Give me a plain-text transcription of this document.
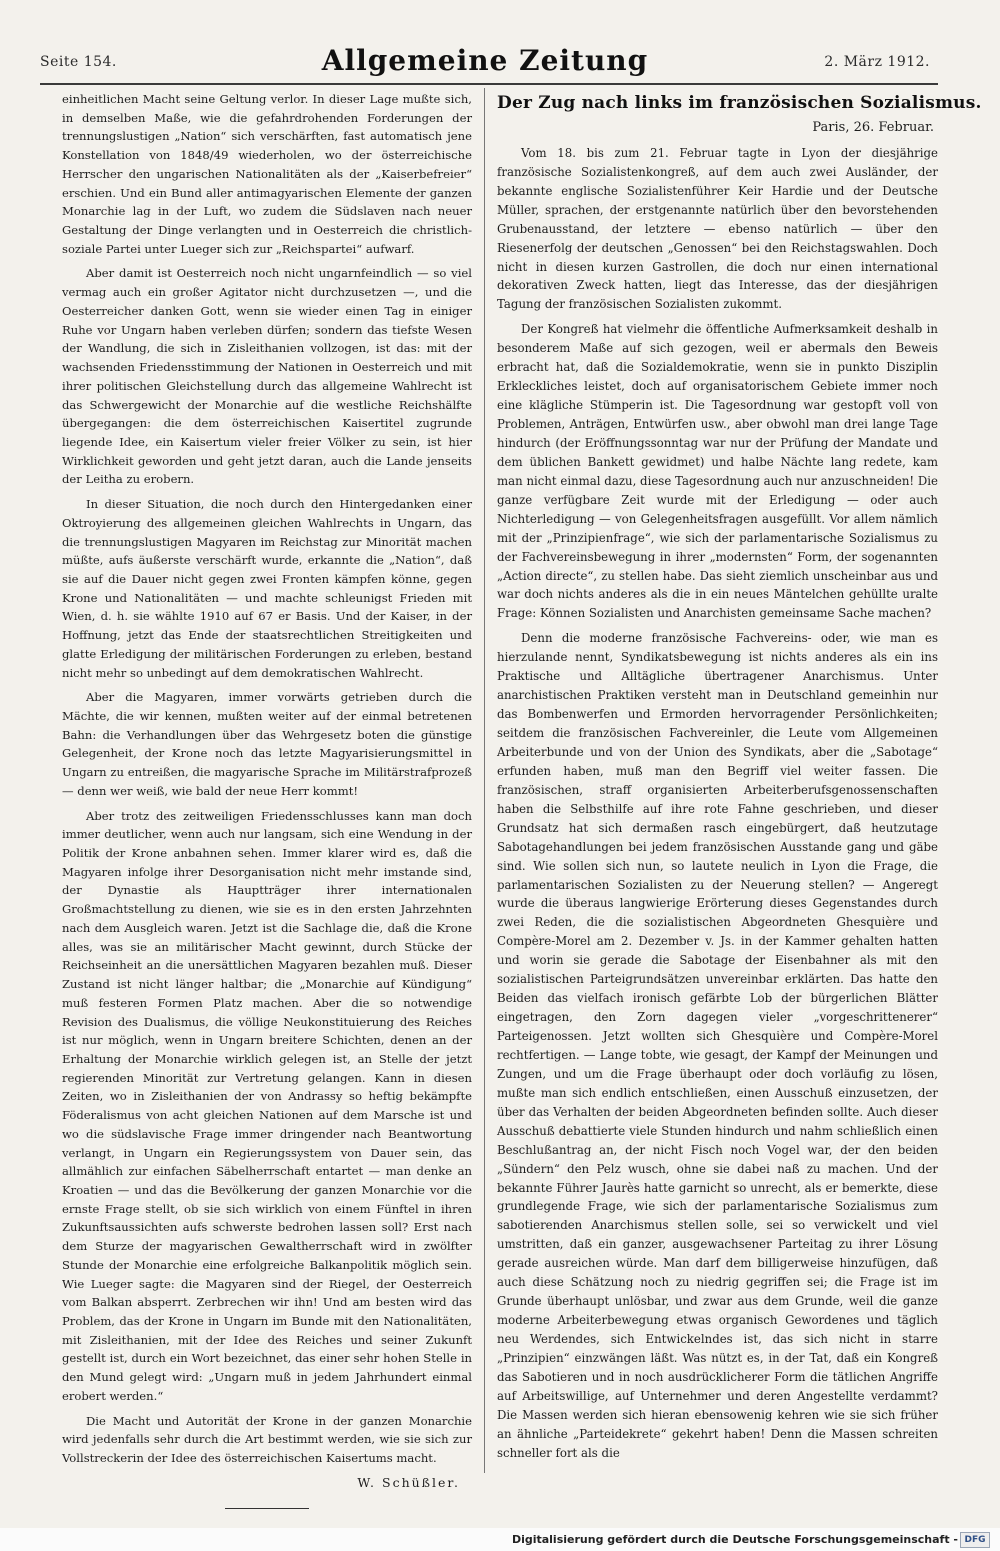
Seite 154.	Allgemeine Zeitung	2. März 1912.

einheitlichen Macht seine Geltung verlor. In dieser Lage mußte sich, in demselben Maße, wie die gefahrdrohenden Forderungen der trennungslustigen „Nation“ sich verschärften, fast automatisch jene Konstellation von 1848/49 wiederholen, wo der österreichische Herrscher den ungarischen Nationalitäten als der „Kaiserbefreier“ erschien. Und ein Bund aller antimagyarischen Elemente der ganzen Monarchie lag in der Luft, wo zudem die Südslaven nach neuer Gestaltung der Dinge verlangten und in Oesterreich die christlich-soziale Partei unter Lueger sich zur „Reichspartei“ aufwarf.

Aber damit ist Oesterreich noch nicht ungarnfeindlich — so viel vermag auch ein großer Agitator nicht durchzusetzen —, und die Oesterreicher danken Gott, wenn sie wieder einen Tag in einiger Ruhe vor Ungarn haben verleben dürfen; sondern das tiefste Wesen der Wandlung, die sich in Zisleithanien vollzogen, ist das: mit der wachsenden Friedensstimmung der Nationen in Oesterreich und mit ihrer politischen Gleichstellung durch das allgemeine Wahlrecht ist das Schwergewicht der Monarchie auf die westliche Reichshälfte übergegangen: die dem österreichischen Kaisertitel zugrunde liegende Idee, ein Kaisertum vieler freier Völker zu sein, ist hier Wirklichkeit geworden und geht jetzt daran, auch die Lande jenseits der Leitha zu erobern.

In dieser Situation, die noch durch den Hintergedanken einer Oktroyierung des allgemeinen gleichen Wahlrechts in Ungarn, das die trennungslustigen Magyaren im Reichstag zur Minorität machen müßte, aufs äußerste verschärft wurde, erkannte die „Nation“, daß sie auf die Dauer nicht gegen zwei Fronten kämpfen könne, gegen Krone und Nationalitäten — und machte schleunigst Frieden mit Wien, d. h. sie wählte 1910 auf 67 er Basis. Und der Kaiser, in der Hoffnung, jetzt das Ende der staatsrechtlichen Streitigkeiten und glatte Erledigung der militärischen Forderungen zu erleben, bestand nicht mehr so unbedingt auf dem demokratischen Wahlrecht.

Aber die Magyaren, immer vorwärts getrieben durch die Mächte, die wir kennen, mußten weiter auf der einmal betretenen Bahn: die Verhandlungen über das Wehrgesetz boten die günstige Gelegenheit, der Krone noch das letzte Magyarisierungsmittel in Ungarn zu entreißen, die magyarische Sprache im Militärstrafprozeß — denn wer weiß, wie bald der neue Herr kommt!

Aber trotz des zeitweiligen Friedensschlusses kann man doch immer deutlicher, wenn auch nur langsam, sich eine Wendung in der Politik der Krone anbahnen sehen. Immer klarer wird es, daß die Magyaren infolge ihrer Desorganisation nicht mehr imstande sind, der Dynastie als Hauptträger ihrer internationalen Großmachtstellung zu dienen, wie sie es in den ersten Jahrzehnten nach dem Ausgleich waren. Jetzt ist die Sachlage die, daß die Krone alles, was sie an militärischer Macht gewinnt, durch Stücke der Reichseinheit an die unersättlichen Magyaren bezahlen muß. Dieser Zustand ist nicht länger haltbar; die „Monarchie auf Kündigung“ muß festeren Formen Platz machen. Aber die so notwendige Revision des Dualismus, die völlige Neukonstituierung des Reiches ist nur möglich, wenn in Ungarn breitere Schichten, denen an der Erhaltung der Monarchie wirklich gelegen ist, an Stelle der jetzt regierenden Minorität zur Vertretung gelangen. Kann in diesen Zeiten, wo in Zisleithanien der von Andrassy so heftig bekämpfte Föderalismus von acht gleichen Nationen auf dem Marsche ist und wo die südslavische Frage immer dringender nach Beantwortung verlangt, in Ungarn ein Regierungssystem von Dauer sein, das allmählich zur einfachen Säbelherrschaft entartet — man denke an Kroatien — und das die Bevölkerung der ganzen Monarchie vor die ernste Frage stellt, ob sie sich wirklich von einem Fünftel in ihren Zukunftsaussichten aufs schwerste bedrohen lassen soll? Erst nach dem Sturze der magyarischen Gewaltherrschaft wird in zwölfter Stunde der Monarchie eine erfolgreiche Balkanpolitik möglich sein. Wie Lueger sagte: die Magyaren sind der Riegel, der Oesterreich vom Balkan absperrt. Zerbrechen wir ihn! Und am besten wird das Problem, das der Krone in Ungarn im Bunde mit den Nationalitäten, mit Zisleithanien, mit der Idee des Reiches und seiner Zukunft gestellt ist, durch ein Wort bezeichnet, das einer sehr hohen Stelle in den Mund gelegt wird: „Ungarn muß in jedem Jahrhundert einmal erobert werden.“

Die Macht und Autorität der Krone in der ganzen Monarchie wird jedenfalls sehr durch die Art bestimmt werden, wie sie sich zur Vollstreckerin der Idee des österreichischen Kaisertums macht.

W. Schüßler.
Der Zug nach links im französischen Sozialismus.
Paris, 26. Februar.

Vom 18. bis zum 21. Februar tagte in Lyon der diesjährige französische Sozialistenkongreß, auf dem auch zwei Ausländer, der bekannte englische Sozialistenführer Keir Hardie und der Deutsche Müller, sprachen, der erstgenannte natürlich über den bevorstehenden Grubenausstand, der letztere — ebenso natürlich — über den Riesenerfolg der deutschen „Genossen“ bei den Reichstagswahlen. Doch nicht in diesen kurzen Gastrollen, die doch nur einen international dekorativen Zweck hatten, liegt das Interesse, das der diesjährigen Tagung der französischen Sozialisten zukommt.

Der Kongreß hat vielmehr die öffentliche Aufmerksamkeit deshalb in besonderem Maße auf sich gezogen, weil er abermals den Beweis erbracht hat, daß die Sozialdemokratie, wenn sie in punkto Disziplin Erkleckliches leistet, doch auf organisatorischem Gebiete immer noch eine klägliche Stümperin ist. Die Tagesordnung war gestopft voll von Problemen, Anträgen, Entwürfen usw., aber obwohl man drei lange Tage hindurch (der Eröffnungssonntag war nur der Prüfung der Mandate und dem üblichen Bankett gewidmet) und halbe Nächte lang redete, kam man nicht einmal dazu, diese Tagesordnung auch nur anzuschneiden! Die ganze verfügbare Zeit wurde mit der Erledigung — oder auch Nichterledigung — von Gelegenheitsfragen ausgefüllt. Vor allem nämlich mit der „Prinzipienfrage“, wie sich der parlamentarische Sozialismus zu der Fachvereinsbewegung in ihrer „modernsten“ Form, der sogenannten „Action directe“, zu stellen habe. Das sieht ziemlich unscheinbar aus und war doch nichts anderes als die in ein neues Mäntelchen gehüllte uralte Frage: Können Sozialisten und Anarchisten gemeinsame Sache machen?

Denn die moderne französische Fachvereins- oder, wie man es hierzulande nennt, Syndikatsbewegung ist nichts anderes als ein ins Praktische und Alltägliche übertragener Anarchismus. Unter anarchistischen Praktiken versteht man in Deutschland gemeinhin nur das Bombenwerfen und Ermorden hervorragender Persönlichkeiten; seitdem die französischen Fachvereinler, die Leute vom Allgemeinen Arbeiterbunde und von der Union des Syndikats, aber die „Sabotage“ erfunden haben, muß man den Begriff viel weiter fassen. Die französischen, straff organisierten Arbeiterberufsgenossenschaften haben die Selbsthilfe auf ihre rote Fahne geschrieben, und dieser Grundsatz hat sich dermaßen rasch eingebürgert, daß heutzutage Sabotagehandlungen bei jedem französischen Ausstande gang und gäbe sind. Wie sollen sich nun, so lautete neulich in Lyon die Frage, die parlamentarischen Sozialisten zu der Neuerung stellen? — Angeregt wurde die überaus langwierige Erörterung dieses Gegenstandes durch zwei Reden, die die sozialistischen Abgeordneten Ghesquière und Compère-Morel am 2. Dezember v. Js. in der Kammer gehalten hatten und worin sie gerade die Sabotage der Eisenbahner als mit den sozialistischen Parteigrundsätzen unvereinbar erklärten. Das hatte den Beiden das vielfach ironisch gefärbte Lob der bürgerlichen Blätter eingetragen, den Zorn dagegen vieler „vorgeschrittenerer“ Parteigenossen. Jetzt wollten sich Ghesquière und Compère-Morel rechtfertigen. — Lange tobte, wie gesagt, der Kampf der Meinungen und Zungen, und um die Frage überhaupt oder doch vorläufig zu lösen, mußte man sich endlich entschließen, einen Ausschuß einzusetzen, der über das Verhalten der beiden Abgeordneten befinden sollte. Auch dieser Ausschuß debattierte viele Stunden hindurch und nahm schließlich einen Beschlußantrag an, der nicht Fisch noch Vogel war, der den beiden „Sündern“ den Pelz wusch, ohne sie dabei naß zu machen. Und der bekannte Führer Jaurès hatte garnicht so unrecht, als er bemerkte, diese grundlegende Frage, wie sich der parlamentarische Sozialismus zum sabotierenden Anarchismus stellen solle, sei so verwickelt und viel umstritten, daß ein ganzer, ausgewachsener Parteitag zu ihrer Lösung gerade ausreichen würde. Man darf dem billigerweise hinzufügen, daß auch diese Schätzung noch zu niedrig gegriffen sei; die Frage ist im Grunde überhaupt unlösbar, und zwar aus dem Grunde, weil die ganze moderne Arbeiterbewegung etwas organisch Gewordenes und täglich neu Werdendes, sich Entwickelndes ist, das sich nicht in starre „Prinzipien“ einzwängen läßt. Was nützt es, in der Tat, daß ein Kongreß das Sabotieren und in noch ausdrücklicherer Form die tätlichen Angriffe auf Arbeitswillige, auf Unternehmer und deren Angestellte verdammt? Die Massen werden sich hieran ebensowenig kehren wie sie sich früher an ähnliche „Parteidekrete“ gekehrt haben! Denn die Massen schreiten schneller fort als die

Digitalisierung gefördert durch die Deutsche Forschungsgemeinschaft - DFG
